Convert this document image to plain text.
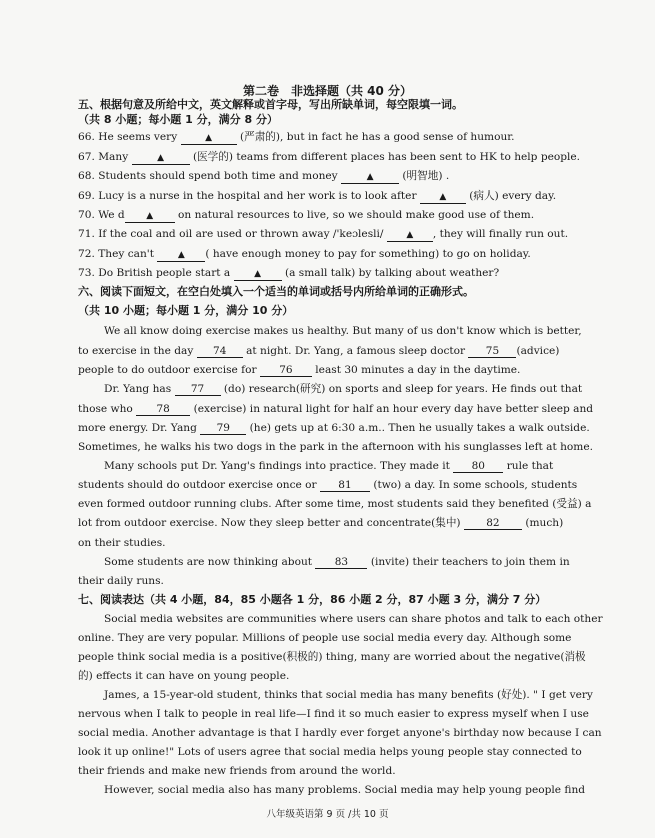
第二卷　非选择题（共 40 分）
五、根据句意及所给中文，英文解释或首字母，写出所缺单词，每空限填一词。
（共 8 小题；每小题 1 分，满分 8 分）
66. He seems very	▲	(严肃的), but in fact he has a good sense of humour.
67. Many	▲	(医学的) teams from different places has been sent to HK to help people.
68. Students should spend both time and money	▲	(明智地) .
69. Lucy is a nurse in the hospital and her work is to look after	▲ (病人) every day.
70. We d ▲ on natural resources to live, so we should make good use of them.
71. If the coal and oil are used or thrown away /'keɔlesli/	▲ , they will finally run out.
72. They can't	▲ ( have enough money to pay for something) to go on holiday.
73. Do British people start a	▲ (a small talk) by talking about weather?
六、阅读下面短文，在空白处填入一个适当的单词或括号内所给单词的正确形式。
（共 10 小题；每小题 1 分，满分 10 分）
We all know doing exercise makes us healthy. But many of us don't know which is better,
to exercise in the day 74 at night. Dr. Yang, a famous sleep doctor 75 (advice)
people to do outdoor exercise for 76 least 30 minutes a day in the daytime.
Dr. Yang has 77 (do) research(研究) on sports and sleep for years. He finds out that
those who 78 (exercise) in natural light for half an hour every day have better sleep and
more energy. Dr. Yang 79 (he) gets up at 6:30 a.m.. Then he usually takes a walk outside.
Sometimes, he walks his two dogs in the park in the afternoon with his sunglasses left at home.
Many schools put Dr. Yang's findings into practice. They made it 80 rule that
students should do outdoor exercise once or 81 (two) a day. In some schools, students
even formed outdoor running clubs. After some time, most students said they benefited (受益) a
lot from outdoor exercise. Now they sleep better and concentrate(集中) 82 (much)
on their studies.
Some students are now thinking about 83 (invite) their teachers to join them in
their daily runs.
七、阅读表达（共 4 小题，84，85 小题各 1 分，86 小题 2 分，87 小题 3 分，满分 7 分）
Social media websites are communities where users can share photos and talk to each other
online. They are very popular. Millions of people use social media every day. Although some
people think social media is a positive(积极的) thing, many are worried about the negative(消极
的) effects it can have on young people.
James, a 15-year-old student, thinks that social media has many benefits (好处). " I get very
nervous when I talk to people in real life—I find it so much easier to express myself when I use
social media. Another advantage is that I hardly ever forget anyone's birthday now because I can
look it up online!" Lots of users agree that social media helps young people stay connected to
their friends and make new friends from around the world.
However, social media also has many problems. Social media may help young people find
八年级英语第 9 页 /共 10 页
